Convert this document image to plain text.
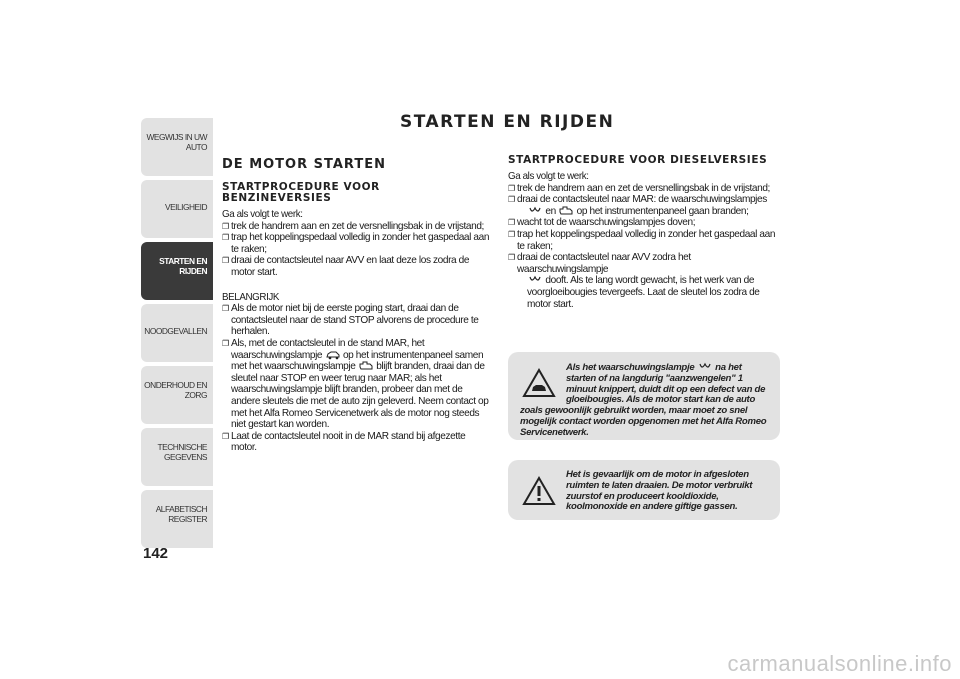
WEGWIJS IN UW AUTO
VEILIGHEID
STARTEN EN RIJDEN
NOODGEVALLEN
ONDERHOUD EN ZORG
TECHNISCHE GEGEVENS
ALFABETISCH REGISTER
142
STARTEN EN RIJDEN
DE MOTOR STARTEN
STARTPROCEDURE VOOR BENZINEVERSIES

Ga als volgt te werk:

❐ trek de handrem aan en zet de versnellingsbak in de vrijstand;
❐ trap het koppelingspedaal volledig in zonder het gaspedaal aan te raken;
❐ draai de contactsleutel naar AVV en laat deze los zodra de motor start.

BELANGRIJK

❐ Als de motor niet bij de eerste poging start, draai dan de contactsleutel naar de stand STOP alvorens de procedure te herhalen.
❐ Als, met de contactsleutel in de stand MAR, het waarschuwingslampje op het instrumentenpaneel samen met het waarschuwingslampje blijft branden, draai dan de sleutel naar STOP en weer terug naar MAR; als het waarschuwingslampje blijft branden, probeer dan met de andere sleutels die met de auto zijn geleverd. Neem contact op met het Alfa Romeo Servicenetwerk als de motor nog steeds niet gestart kan worden.
❐ Laat de contactsleutel nooit in de MAR stand bij afgezette motor.
STARTPROCEDURE VOOR DIESELVERSIES

Ga als volgt te werk:

❐ trek de handrem aan en zet de versnellingsbak in de vrijstand;
❐ draai de contactsleutel naar MAR: de waarschuwingslampjes
en op het instrumentenpaneel gaan branden;
❐ wacht tot de waarschuwingslampjes doven;
❐ trap het koppelingspedaal volledig in zonder het gaspedaal aan te raken;
❐ draai de contactsleutel naar AVV zodra het waarschuwingslampje
dooft. Als te lang wordt gewacht, is het werk van de voorgloeibougies tevergeefs. Laat de sleutel los zodra de motor start.
Als het waarschuwingslampje na het starten of na langdurig "aanzwengelen" 1 minuut knippert, duidt dit op een defect van de gloeibougies. Als de motor start kan de auto zoals gewoonlijk gebruikt worden, maar moet zo snel mogelijk contact worden opgenomen met het Alfa Romeo Servicenetwerk.
Het is gevaarlijk om de motor in afgesloten ruimten te laten draaien. De motor verbruikt zuurstof en produceert kooldioxide, koolmonoxide en andere giftige gassen.
carmanualsonline.info
